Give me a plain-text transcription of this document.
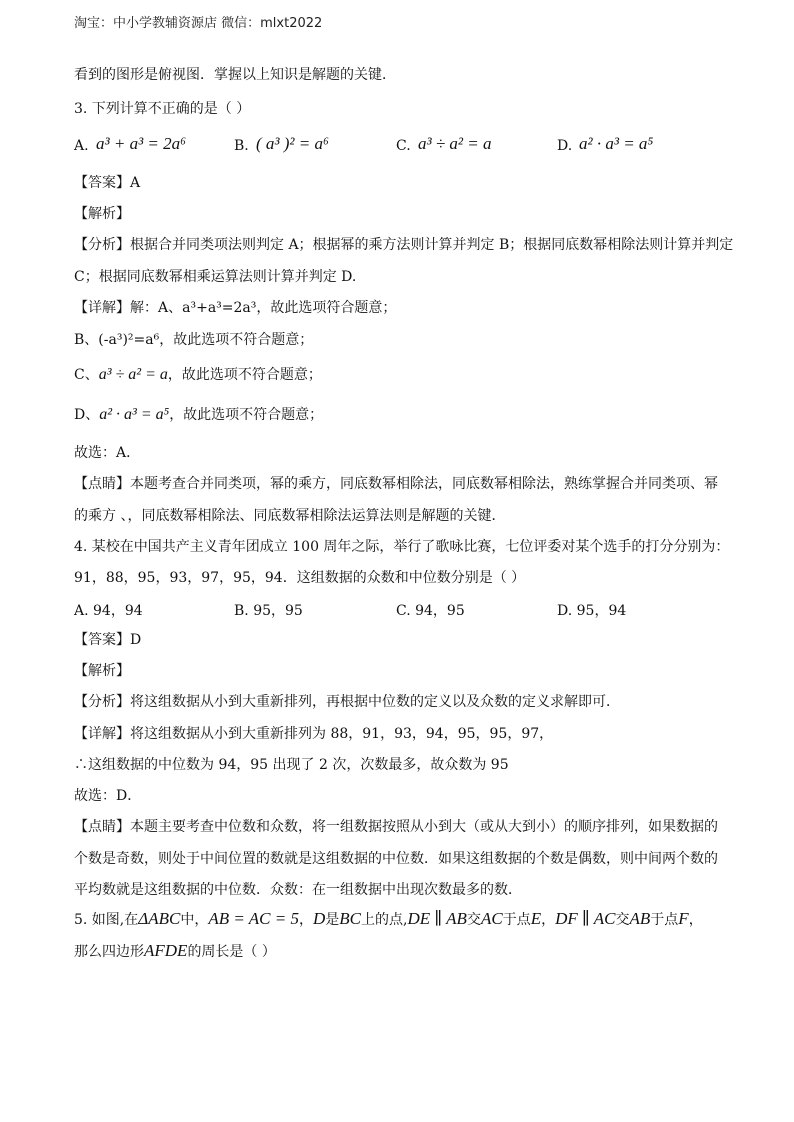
淘宝：中小学教辅资源店 微信：mlxt2022
看到的图形是俯视图．掌握以上知识是解题的关键．
3. 下列计算不正确的是（ ）
A. a³ + a³ = 2a⁶	B. ( a³ )² = a⁶	C. a³ ÷ a² = a	D. a² · a³ = a⁵
【答案】A
【解析】
【分析】根据合并同类项法则判定 A；根据幂的乘方法则计算并判定 B；根据同底数幂相除法则计算并判定
C；根据同底数幂相乘运算法则计算并判定 D.
【详解】解：A、a³+a³=2a³，故此选项符合题意；
B、(-a³)²=a⁶，故此选项不符合题意；
C、a³ ÷ a² = a，故此选项不符合题意；
D、a² · a³ = a⁵，故此选项不符合题意；
故选：A．
【点睛】本题考查合并同类项，幂的乘方，同底数幂相除法，同底数幂相除法，熟练掌握合并同类项、幂
的乘方 、，同底数幂相除法、同底数幂相除法运算法则是解题的关键．
4. 某校在中国共产主义青年团成立 100 周年之际，举行了歌咏比赛，七位评委对某个选手的打分分别为：
91，88，95，93，97，95，94．这组数据的众数和中位数分别是（ ）
A. 94，94	B. 95，95	C. 94，95	D. 95，94
【答案】D
【解析】
【分析】将这组数据从小到大重新排列，再根据中位数的定义以及众数的定义求解即可．
【详解】将这组数据从小到大重新排列为 88，91，93，94，95，95，97，
∴这组数据的中位数为 94，95 出现了 2 次，次数最多，故众数为 95
故选：D．
【点睛】本题主要考查中位数和众数，将一组数据按照从小到大（或从大到小）的顺序排列，如果数据的
个数是奇数，则处于中间位置的数就是这组数据的中位数．如果这组数据的个数是偶数，则中间两个数的
平均数就是这组数据的中位数．众数：在一组数据中出现次数最多的数．
5. 如图,在ΔABC中，AB = AC = 5，D是BC上的点,DE ∥ AB交AC于点E，DF ∥ AC交AB于点F，
那么四边形AFDE的周长是（ ）
